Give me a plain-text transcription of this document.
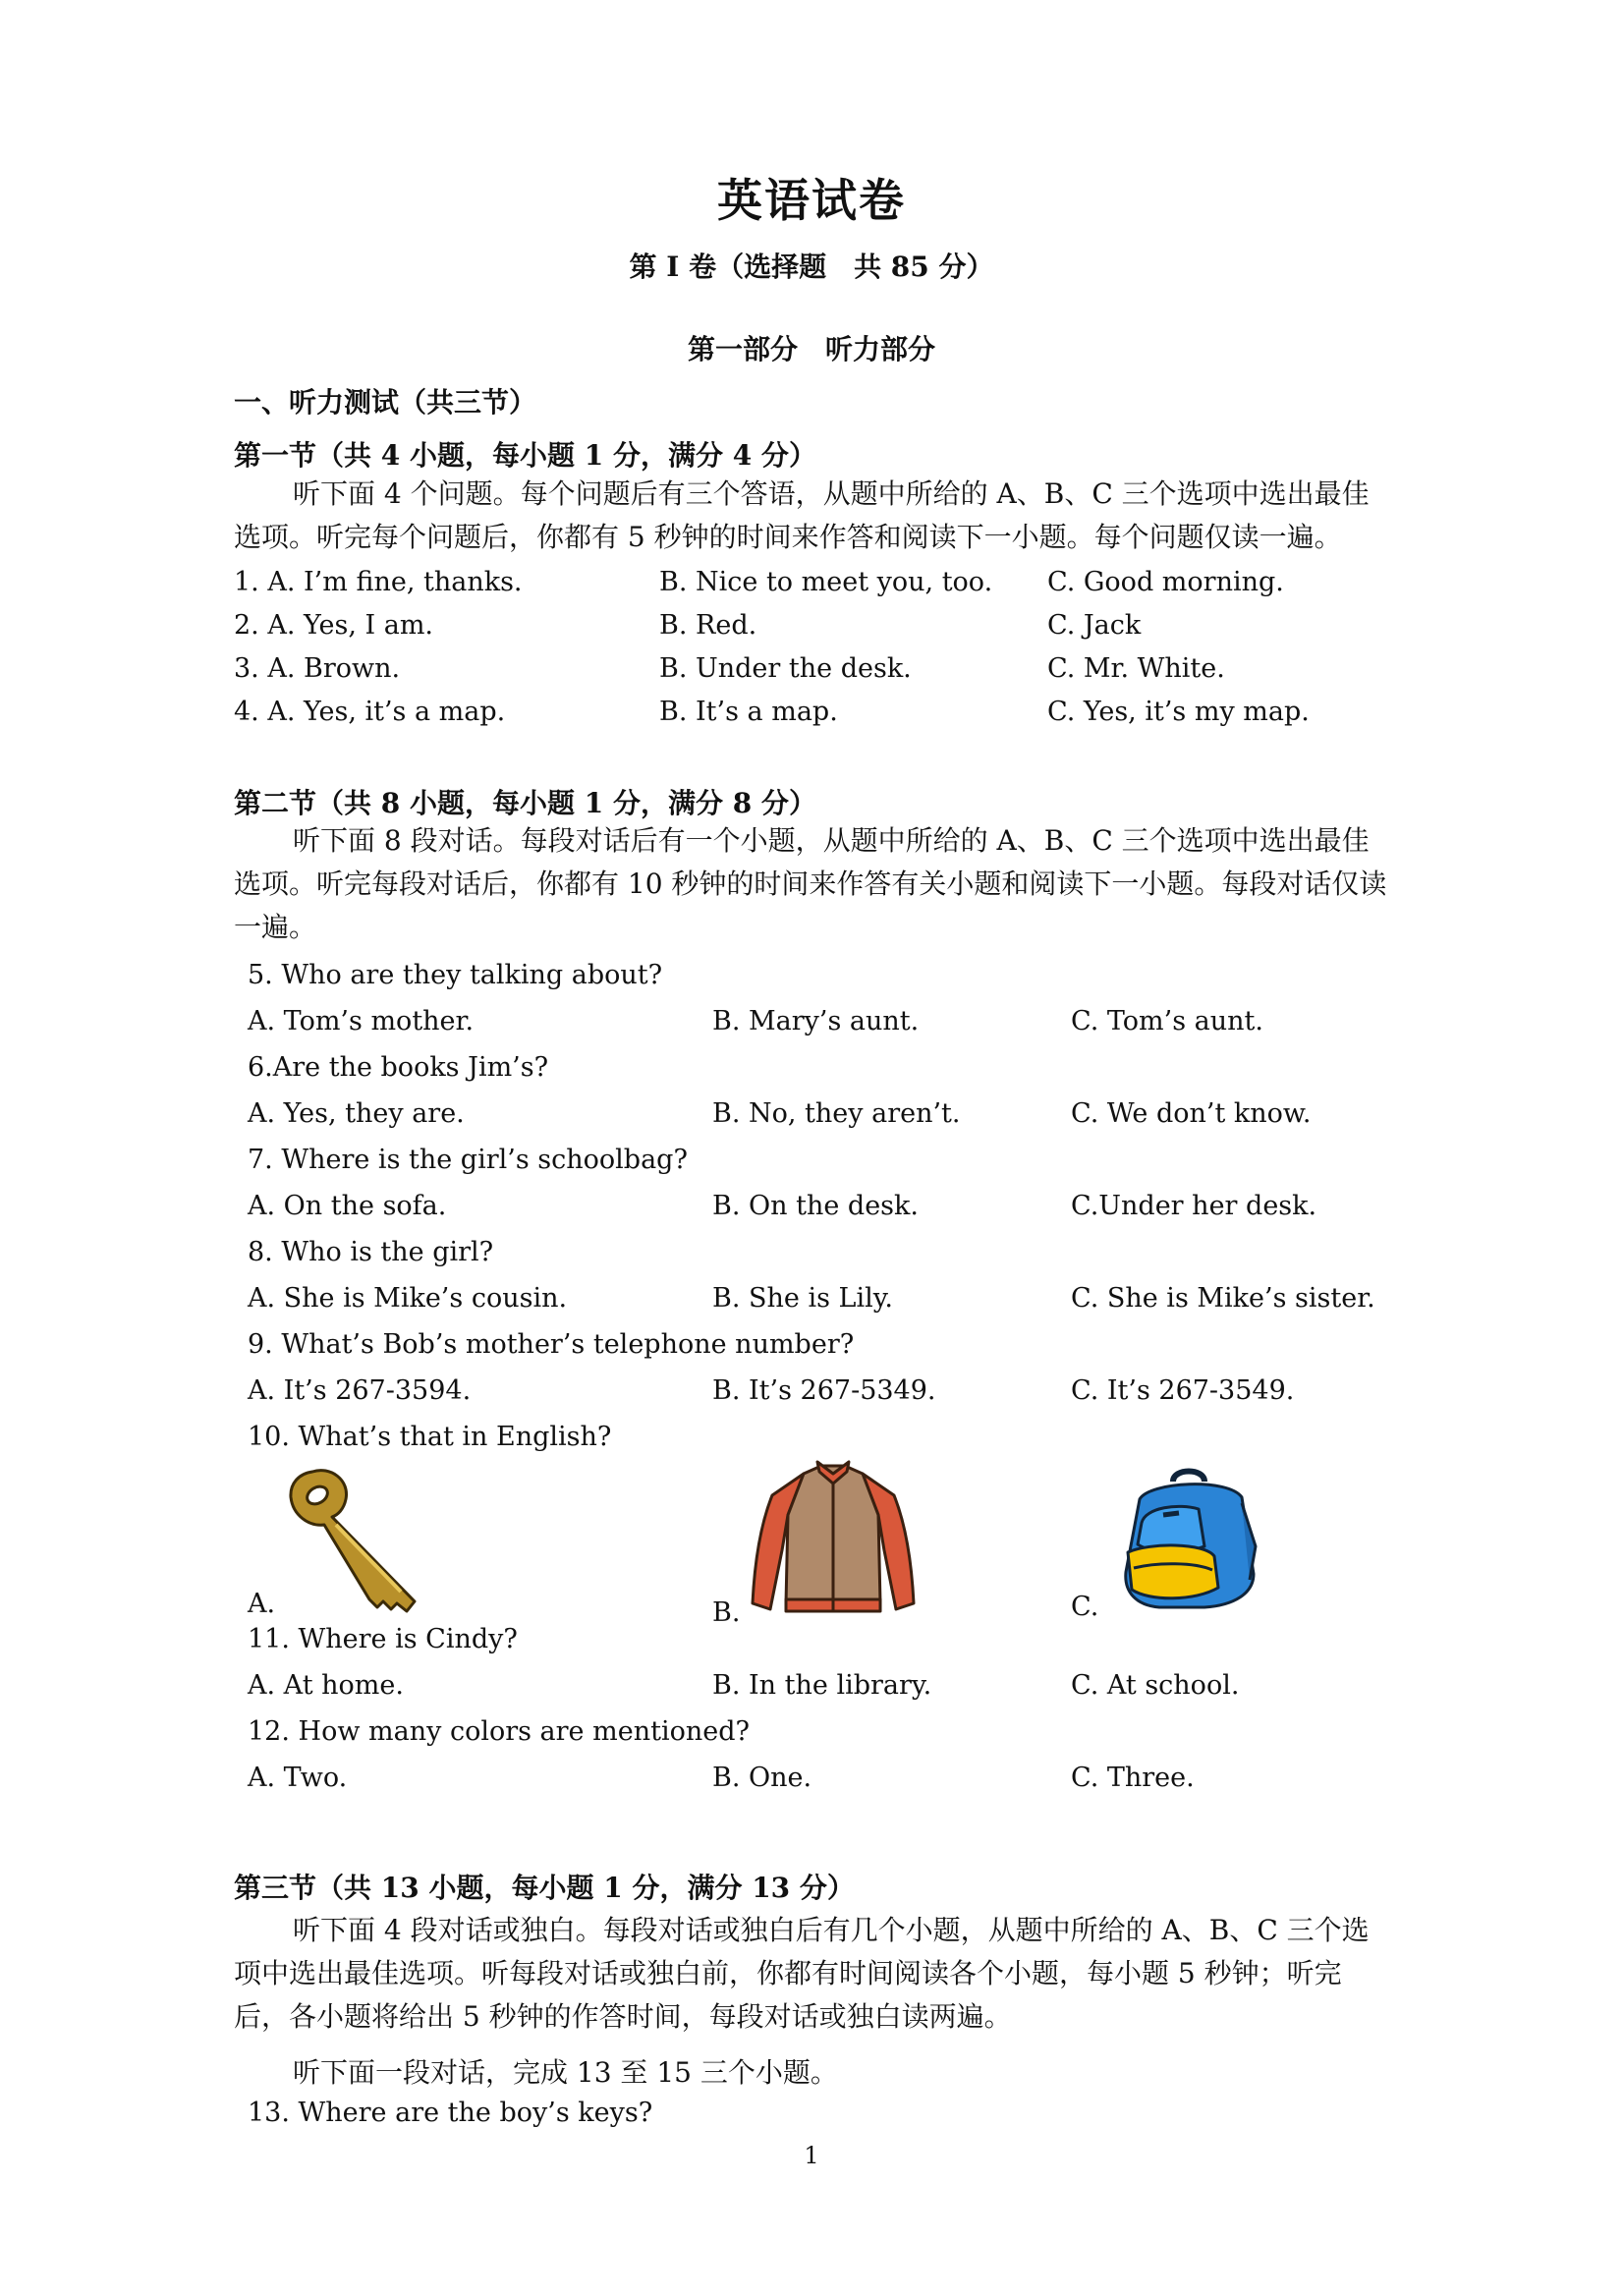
英语试卷
第 I 卷（选择题　共 85 分）
第一部分　听力部分
一、听力测试（共三节）
第一节（共 4 小题，每小题 1 分，满分 4 分）
听下面 4 个问题。每个问题后有三个答语，从题中所给的 A、B、C 三个选项中选出最佳选项。听完每个问题后，你都有 5 秒钟的时间来作答和阅读下一小题。每个问题仅读一遍。
1. A. I’m fine, thanks.	B. Nice to meet you, too. C. Good morning.
2. A. Yes, I am.	B. Red.	C. Jack
3. A. Brown.	B. Under the desk.	C. Mr. White.
4. A. Yes, it’s a map.	B. It’s a map.	C. Yes, it’s my map.
第二节（共 8 小题，每小题 1 分，满分 8 分）
听下面 8 段对话。每段对话后有一个小题，从题中所给的 A、B、C 三个选项中选出最佳选项。听完每段对话后，你都有 10 秒钟的时间来作答有关小题和阅读下一小题。每段对话仅读一遍。
5. Who are they talking about?
A. Tom’s mother.	B. Mary’s aunt.	C. Tom’s aunt.
6.Are the books Jim’s?
A. Yes, they are.	B. No, they aren’t.	C. We don’t know.
7. Where is the girl’s schoolbag?
A. On the sofa.	B. On the desk.	C.Under her desk.
8. Who is the girl?
A. She is Mike’s cousin.	B. She is Lily.	C. She is Mike’s sister.
9. What’s Bob’s mother’s telephone number?
A. It’s 267-3594.	B. It’s 267-5349.	C. It’s 267-3549.
10. What’s that in English?
A.	B.	C.
11. Where is Cindy?
A. At home.	B. In the library.	C. At school.
12. How many colors are mentioned?
A. Two.	B. One.	C. Three.
第三节（共 13 小题，每小题 1 分，满分 13 分）
听下面 4 段对话或独白。每段对话或独白后有几个小题，从题中所给的 A、B、C 三个选项中选出最佳选项。听每段对话或独白前，你都有时间阅读各个小题，每小题 5 秒钟；听完后，各小题将给出 5 秒钟的作答时间，每段对话或独白读两遍。
听下面一段对话，完成 13 至 15 三个小题。
13. Where are the boy’s keys?
1
